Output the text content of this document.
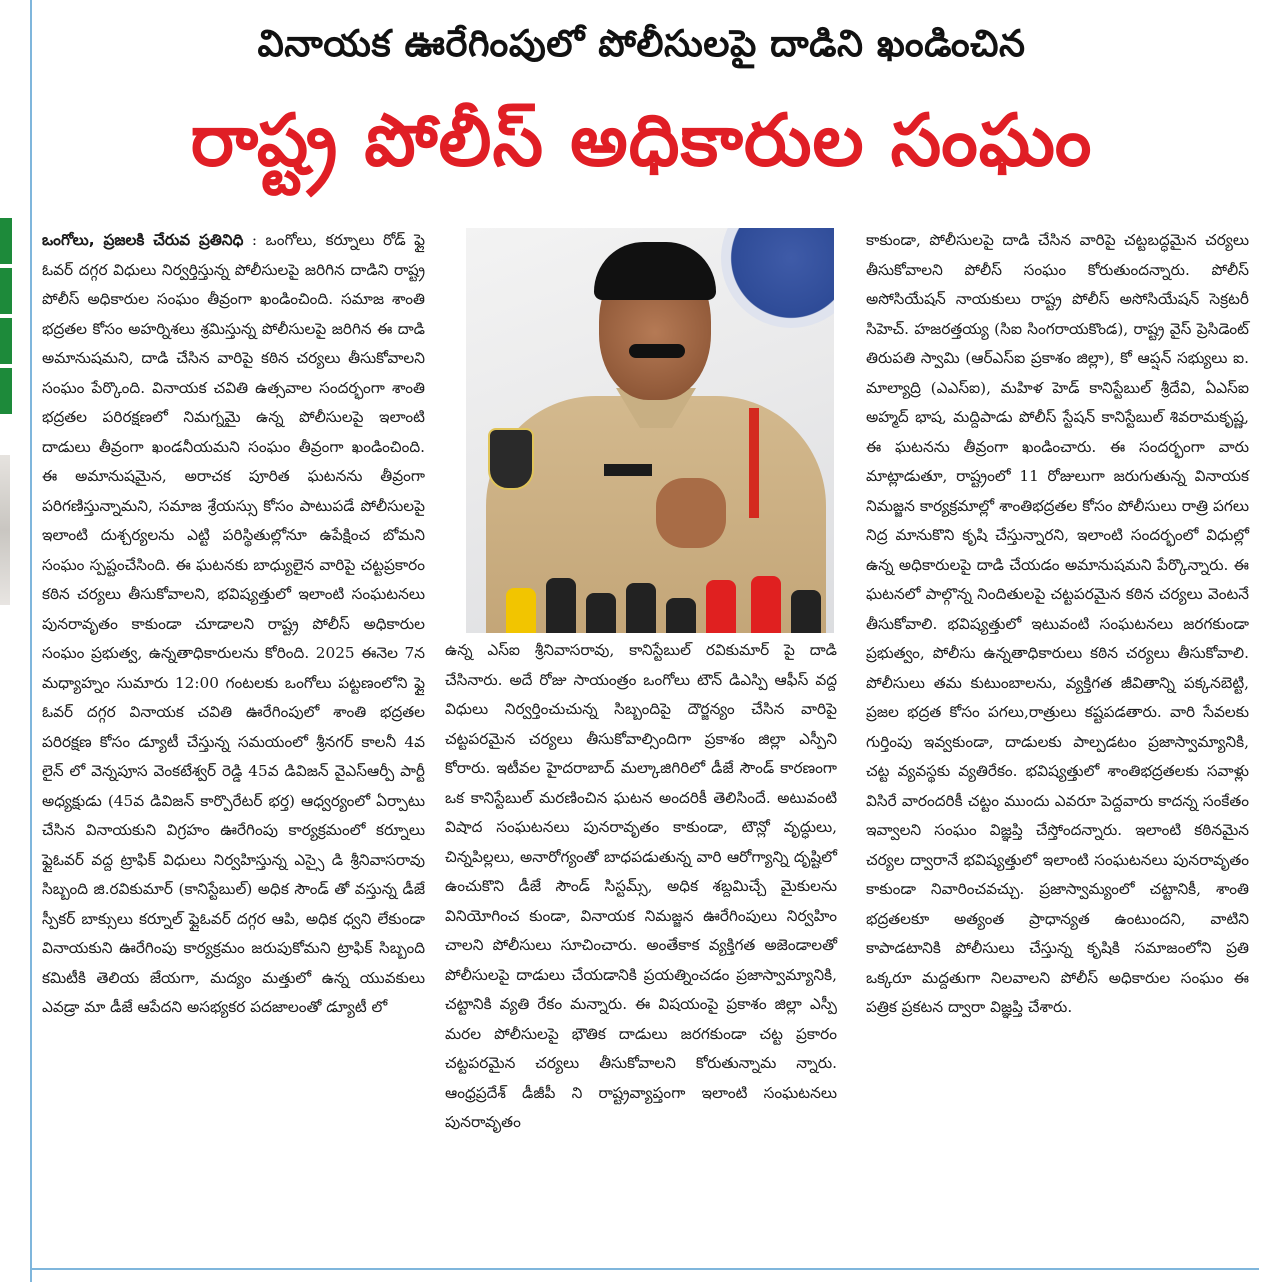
వినాయక ఊరేగింపులో పోలీసులపై దాడిని ఖండించిన
రాష్ట్ర పోలీస్ అధికారుల సంఘం
ఒంగోలు, ప్రజలకి చేరువ ప్రతినిధి : ఒంగోలు, కర్నూలు రోడ్ ఫ్లై ఓవర్ దగ్గర విధులు నిర్వర్తిస్తున్న పోలీసులపై జరిగిన దాడిని రాష్ట్ర పోలీస్ అధికారుల సంఘం తీవ్రంగా ఖండించింది. సమాజ శాంతి భద్రతల కోసం అహర్నిశలు శ్రమిస్తున్న పోలీసులపై జరిగిన ఈ దాడి అమానుషమని, దాడి చేసిన వారిపై కఠిన చర్యలు తీసుకోవాలని సంఘం పేర్కొంది. వినాయక చవితి ఉత్సవాల సందర్భంగా శాంతి భద్రతల పరిరక్షణలో నిమగ్నమై ఉన్న పోలీసులపై ఇలాంటి దాడులు తీవ్రంగా ఖండనీయమని సంఘం తీవ్రంగా ఖండించింది. ఈ అమానుషమైన, అరాచక పూరిత ఘటనను తీవ్రంగా పరిగణిస్తున్నామని, సమాజ శ్రేయస్సు కోసం పాటుపడే పోలీసులపై ఇలాంటి దుశ్చర్యలను ఎట్టి పరిస్థితుల్లోనూ ఉపేక్షించ బోమని సంఘం స్పష్టంచేసింది. ఈ ఘటనకు బాధ్యులైన వారిపై చట్టప్రకారం కఠిన చర్యలు తీసుకోవాలని, భవిష్యత్తులో ఇలాంటి సంఘటనలు పునరావృతం కాకుండా చూడాలని రాష్ట్ర పోలీస్ అధికారుల సంఘం ప్రభుత్వ, ఉన్నతాధికారులను కోరింది. 2025 ఈనెల 7న మధ్యాహ్నం సుమారు 12:00 గంటలకు ఒంగోలు పట్టణంలోని ఫ్లై ఓవర్ దగ్గర వినాయక చవితి ఊరేగింపులో శాంతి భద్రతల పరిరక్షణ కోసం డ్యూటీ చేస్తున్న సమయంలో శ్రీనగర్ కాలనీ 4వ లైన్ లో వెన్నపూస వెంకటేశ్వర్ రెడ్డి 45వ డివిజన్ వైఎస్ఆర్పీ పార్టీ అధ్యక్షుడు (45వ డివిజన్ కార్పొరేటర్ భర్త) ఆధ్వర్యంలో ఏర్పాటు చేసిన వినాయకుని విగ్రహం ఊరేగింపు కార్యక్రమంలో కర్నూలు ఫ్లైఓవర్ వద్ద ట్రాఫిక్ విధులు నిర్వహిస్తున్న ఎస్సై డి శ్రీనివాసరావు సిబ్బంది జి.రవికుమార్ (కానిస్టేబుల్) అధిక సౌండ్ తో వస్తున్న డీజే స్పీకర్ బాక్సులు కర్నూల్ ఫ్లైఓవర్ దగ్గర ఆపి, అధిక ధ్వని లేకుండా వినాయకుని ఊరేగింపు కార్యక్రమం జరుపుకోమని ట్రాఫిక్ సిబ్బంది కమిటీకి తెలియ జేయగా, మద్యం మత్తులో ఉన్న యువకులు ఎవడ్రా మా డీజే ఆపేదని అసభ్యకర పదజాలంతో డ్యూటీ లో
ఉన్న ఎస్ఐ శ్రీనివాసరావు, కానిస్టేబుల్ రవికుమార్ పై దాడి చేసినారు. అదే రోజు సాయంత్రం ఒంగోలు టౌన్ డిఎస్పి ఆఫీస్ వద్ద విధులు నిర్వర్తించుచున్న సిబ్బందిపై దౌర్జన్యం చేసిన వారిపై చట్టపరమైన చర్యలు తీసుకోవాల్సిందిగా ప్రకాశం జిల్లా ఎస్పీని కోరారు. ఇటీవల హైదరాబాద్ మల్కాజిగిరిలో డీజే సౌండ్ కారణంగా ఒక కానిస్టేబుల్ మరణించిన ఘటన అందరికీ తెలిసిందే. అటువంటి విషాద సంఘటనలు పునరావృతం కాకుండా, టౌన్లో వృద్ధులు, చిన్నపిల్లలు, అనారోగ్యంతో బాధపడుతున్న వారి ఆరోగ్యాన్ని దృష్టిలో ఉంచుకొని డీజే సౌండ్ సిస్టమ్స్, అధిక శబ్దమిచ్చే మైకులను వినియోగించ కుండా, వినాయక నిమజ్జన ఊరేగింపులు నిర్వహిం చాలని పోలీసులు సూచించారు. అంతేకాక వ్యక్తిగత అజెండాలతో పోలీసులపై దాడులు చేయడానికి ప్రయత్నించడం ప్రజాస్వామ్యానికి, చట్టానికి వ్యతి రేకం మన్నారు. ఈ విషయంపై ప్రకాశం జిల్లా ఎస్పీ మరల పోలీసులపై భౌతిక దాడులు జరగకుండా చట్ట ప్రకారం చట్టపరమైన చర్యలు తీసుకోవాలని కోరుతున్నామ న్నారు. ఆంధ్రప్రదేశ్ డీజీపీ ని రాష్ట్రవ్యాప్తంగా ఇలాంటి సంఘటనలు పునరావృతం
కాకుండా, పోలీసులపై దాడి చేసిన వారిపై చట్టబద్ధమైన చర్యలు తీసుకోవాలని పోలీస్ సంఘం కోరుతుందన్నారు. పోలీస్ అసోసియేషన్ నాయకులు రాష్ట్ర పోలీస్ అసోసియేషన్ సెక్రటరీ సిహెచ్. హజరత్తయ్య (సిఐ సింగరాయకొండ), రాష్ట్ర వైస్ ప్రెసిడెంట్ తిరుపతి స్వామి (ఆర్ఎస్ఐ ప్రకాశం జిల్లా), కో ఆప్షన్ సభ్యులు ఐ. మాల్యాద్రి (ఎఎస్ఐ), మహిళ హెడ్ కానిస్టేబుల్ శ్రీదేవి, ఏఎస్ఐ అహ్మద్ భాష, మద్దిపాడు పోలీస్ స్టేషన్ కానిస్టేబుల్ శివరామకృష్ణ, ఈ ఘటనను తీవ్రంగా ఖండించారు. ఈ సందర్భంగా వారు మాట్లాడుతూ, రాష్ట్రంలో 11 రోజులుగా జరుగుతున్న వినాయక నిమజ్జన కార్యక్రమాల్లో శాంతిభద్రతల కోసం పోలీసులు రాత్రి పగలు నిద్ర మానుకొని కృషి చేస్తున్నారని, ఇలాంటి సందర్భంలో విధుల్లో ఉన్న అధికారులపై దాడి చేయడం అమానుషమని పేర్కొన్నారు. ఈ ఘటనలో పాల్గొన్న నిందితులపై చట్టపరమైన కఠిన చర్యలు వెంటనే తీసుకోవాలి. భవిష్యత్తులో ఇటువంటి సంఘటనలు జరగకుండా ప్రభుత్వం, పోలీసు ఉన్నతాధికారులు కఠిన చర్యలు తీసుకోవాలి. పోలీసులు తమ కుటుంబాలను, వ్యక్తిగత జీవితాన్ని పక్కనబెట్టి, ప్రజల భద్రత కోసం పగలు,రాత్రులు కష్టపడతారు. వారి సేవలకు గుర్తింపు ఇవ్వకుండా, దాడులకు పాల్పడటం ప్రజాస్వామ్యానికి, చట్ట వ్యవస్థకు వ్యతిరేకం. భవిష్యత్తులో శాంతిభద్రతలకు సవాళ్లు విసిరే వారందరికీ చట్టం ముందు ఎవరూ పెద్దవారు కాదన్న సంకేతం ఇవ్వాలని సంఘం విజ్ఞప్తి చేస్తోందన్నారు. ఇలాంటి కఠినమైన చర్యల ద్వారానే భవిష్యత్తులో ఇలాంటి సంఘటనలు పునరావృతం కాకుండా నివారించవచ్చు. ప్రజాస్వామ్యంలో చట్టానికీ, శాంతి భద్రతలకూ అత్యంత ప్రాధాన్యత ఉంటుందని, వాటిని కాపాడటానికి పోలీసులు చేస్తున్న కృషికి సమాజంలోని ప్రతి ఒక్కరూ మద్దతుగా నిలవాలని పోలీస్ అధికారుల సంఘం ఈ పత్రిక ప్రకటన ద్వారా విజ్ఞప్తి చేశారు.
